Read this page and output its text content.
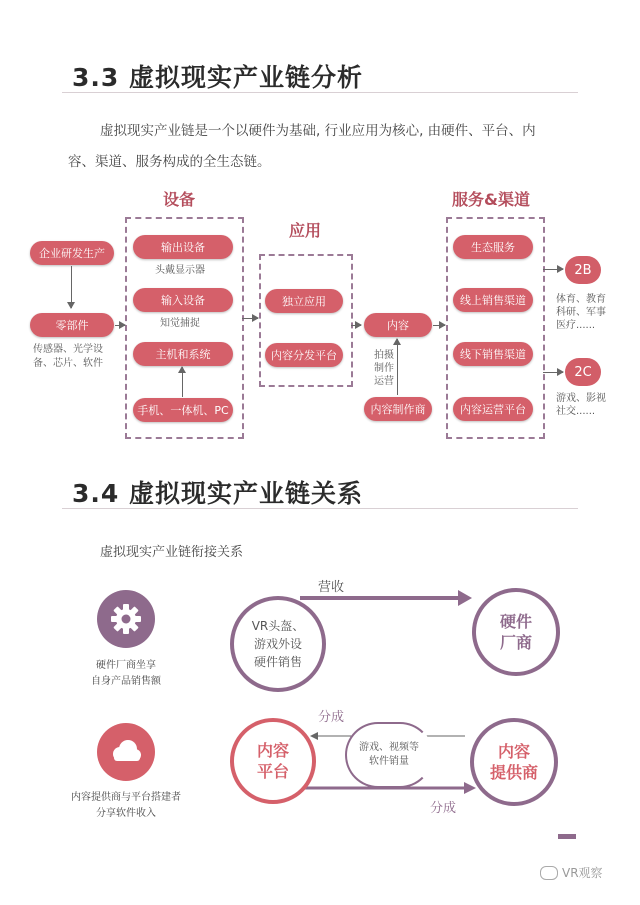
3.3 虚拟现实产业链分析
虚拟现实产业链是一个以硬件为基础, 行业应用为核心, 由硬件、平台、内
容、渠道、服务构成的全生态链。
设备
应用
服务&渠道
企业研发生产
零部件
传感器、光学设
备、芯片、软件
输出设备
头戴显示器
输入设备
知觉捕捉
主机和系统
手机、一体机、PC
独立应用
内容分发平台
内容
拍摄
制作
运营
内容制作商
生态服务
线上销售渠道
线下销售渠道
内容运营平台
2B
体育、教育
科研、军事
医疗......
2C
游戏、影视
社交......
3.4 虚拟现实产业链关系
虚拟现实产业链衔接关系
硬件厂商坐享
自身产品销售额
内容提供商与平台搭建者
分享软件收入
VR头盔、
游戏外设
硬件销售
营收
硬件
厂商
分成
分成
内容
平台
游戏、视频等
软件销量
内容
提供商
VR观察
